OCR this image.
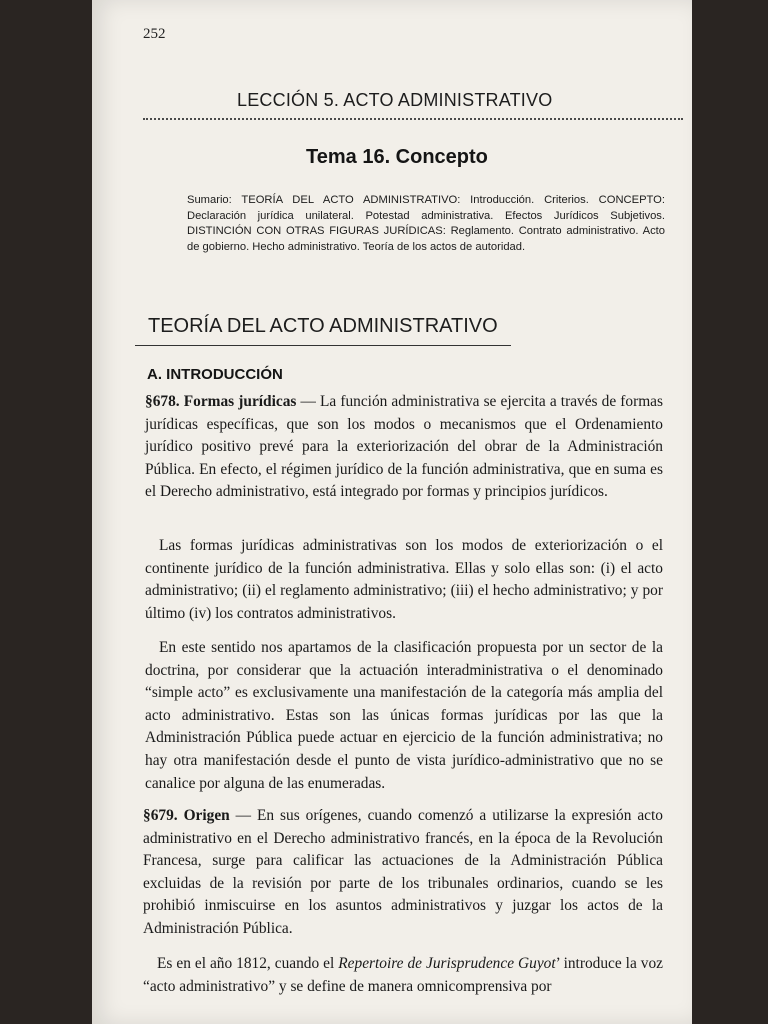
252
LECCIÓN 5. ACTO ADMINISTRATIVO
Tema 16. Concepto
Sumario: TEORÍA DEL ACTO ADMINISTRATIVO: Introducción. Criterios. CONCEPTO: Declaración jurídica unilateral. Potestad administrativa. Efectos Jurídicos Subjetivos. DISTINCIÓN CON OTRAS FIGURAS JURÍDICAS: Reglamento. Contrato administrativo. Acto de gobierno. Hecho administrativo. Teoría de los actos de autoridad.
TEORÍA DEL ACTO ADMINISTRATIVO
A. INTRODUCCIÓN
§678. Formas jurídicas — La función administrativa se ejercita a través de formas jurídicas específicas, que son los modos o mecanismos que el Ordenamiento jurídico positivo prevé para la exteriorización del obrar de la Administración Pública. En efecto, el régimen jurídico de la función administrativa, que en suma es el Derecho administrativo, está integrado por formas y principios jurídicos.
Las formas jurídicas administrativas son los modos de exteriorización o el continente jurídico de la función administrativa. Ellas y solo ellas son: (i) el acto administrativo; (ii) el reglamento administrativo; (iii) el hecho administrativo; y por último (iv) los contratos administrativos.
En este sentido nos apartamos de la clasificación propuesta por un sector de la doctrina, por considerar que la actuación interadministrativa o el denominado “simple acto” es exclusivamente una manifestación de la categoría más amplia del acto administrativo. Estas son las únicas formas jurídicas por las que la Administración Pública puede actuar en ejercicio de la función administrativa; no hay otra manifestación desde el punto de vista jurídico-administrativo que no se canalice por alguna de las enumeradas.
§679. Origen — En sus orígenes, cuando comenzó a utilizarse la expresión acto administrativo en el Derecho administrativo francés, en la época de la Revolución Francesa, surge para calificar las actuaciones de la Administración Pública excluidas de la revisión por parte de los tribunales ordinarios, cuando se les prohibió inmiscuirse en los asuntos administrativos y juzgar los actos de la Administración Pública.
Es en el año 1812, cuando el Repertoire de Jurisprudence Guyot’ introduce la voz “acto administrativo” y se define de manera omnicomprensiva por
